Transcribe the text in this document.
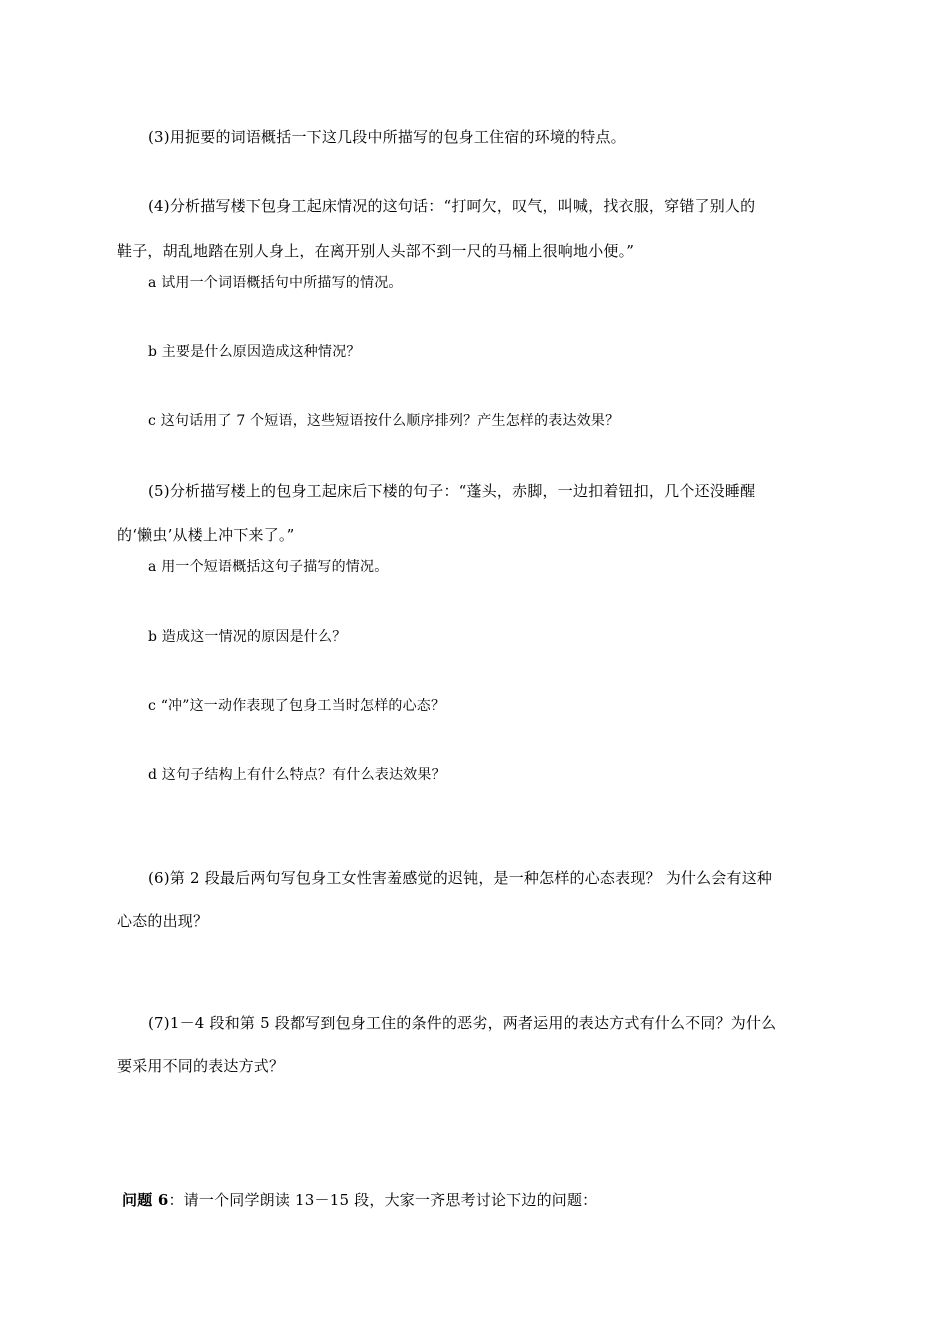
(3)用扼要的词语概括一下这几段中所描写的包身工住宿的环境的特点。
(4)分析描写楼下包身工起床情况的这句话：“打呵欠，叹气，叫喊，找衣服，穿错了别人的
鞋子，胡乱地踏在别人身上，在离开别人头部不到一尺的马桶上很响地小便。”
a 试用一个词语概括句中所描写的情况。
b 主要是什么原因造成这种情况？
c 这句话用了 7 个短语，这些短语按什么顺序排列？产生怎样的表达效果？
(5)分析描写楼上的包身工起床后下楼的句子：“蓬头，赤脚，一边扣着钮扣，几个还没睡醒
的‘懒虫’从楼上冲下来了。”
a 用一个短语概括这句子描写的情况。
b 造成这一情况的原因是什么？
c “冲”这一动作表现了包身工当时怎样的心态？
d 这句子结构上有什么特点？有什么表达效果？
(6)第 2 段最后两句写包身工女性害羞感觉的迟钝，是一种怎样的心态表现？ 为什么会有这种
心态的出现？
(7)1－4 段和第 5 段都写到包身工住的条件的恶劣，两者运用的表达方式有什么不同？为什么
要采用不同的表达方式？
问题 6：请一个同学朗读 13－15 段，大家一齐思考讨论下边的问题：
